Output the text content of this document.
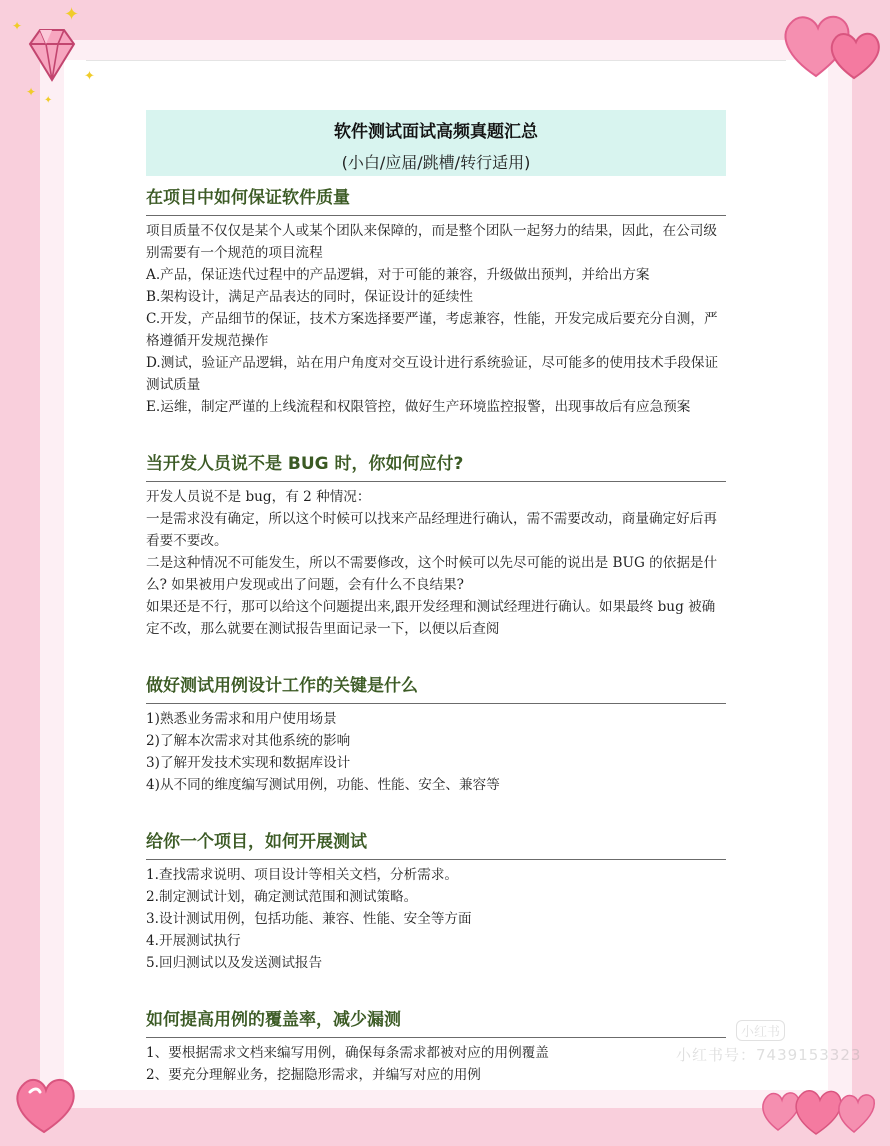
✦
✦
✦
✦
✦
软件测试面试高频真题汇总
(小白/应届/跳槽/转行适用)
在项目中如何保证软件质量

项目质量不仅仅是某个人或某个团队来保障的，而是整个团队一起努力的结果，因此，在公司级别需要有一个规范的项目流程

A.产品，保证迭代过程中的产品逻辑，对于可能的兼容，升级做出预判，并给出方案

B.架构设计，满足产品表达的同时，保证设计的延续性

C.开发，产品细节的保证，技术方案选择要严谨，考虑兼容，性能，开发完成后要充分自测，严格遵循开发规范操作

D.测试，验证产品逻辑，站在用户角度对交互设计进行系统验证，尽可能多的使用技术手段保证测试质量

E.运维，制定严谨的上线流程和权限管控，做好生产环境监控报警，出现事故后有应急预案

当开发人员说不是 BUG 时，你如何应付?

开发人员说不是 bug，有 2 种情况：

一是需求没有确定，所以这个时候可以找来产品经理进行确认，需不需要改动，商量确定好后再看要不要改。

二是这种情况不可能发生，所以不需要修改，这个时候可以先尽可能的说出是 BUG 的依据是什么? 如果被用户发现或出了问题，会有什么不良结果?

如果还是不行，那可以给这个问题提出来,跟开发经理和测试经理进行确认。如果最终 bug 被确定不改，那么就要在测试报告里面记录一下，以便以后查阅

做好测试用例设计工作的关键是什么

1)熟悉业务需求和用户使用场景

2)了解本次需求对其他系统的影响

3)了解开发技术实现和数据库设计

4)从不同的维度编写测试用例，功能、性能、安全、兼容等

给你一个项目，如何开展测试

1.查找需求说明、项目设计等相关文档，分析需求。

2.制定测试计划，确定测试范围和测试策略。

3.设计测试用例，包括功能、兼容、性能、安全等方面

4.开展测试执行

5.回归测试以及发送测试报告

如何提高用例的覆盖率，减少漏测

1、要根据需求文档来编写用例，确保每条需求都被对应的用例覆盖

2、要充分理解业务，挖掘隐形需求，并编写对应的用例

小红书
小红书号：7439153323
